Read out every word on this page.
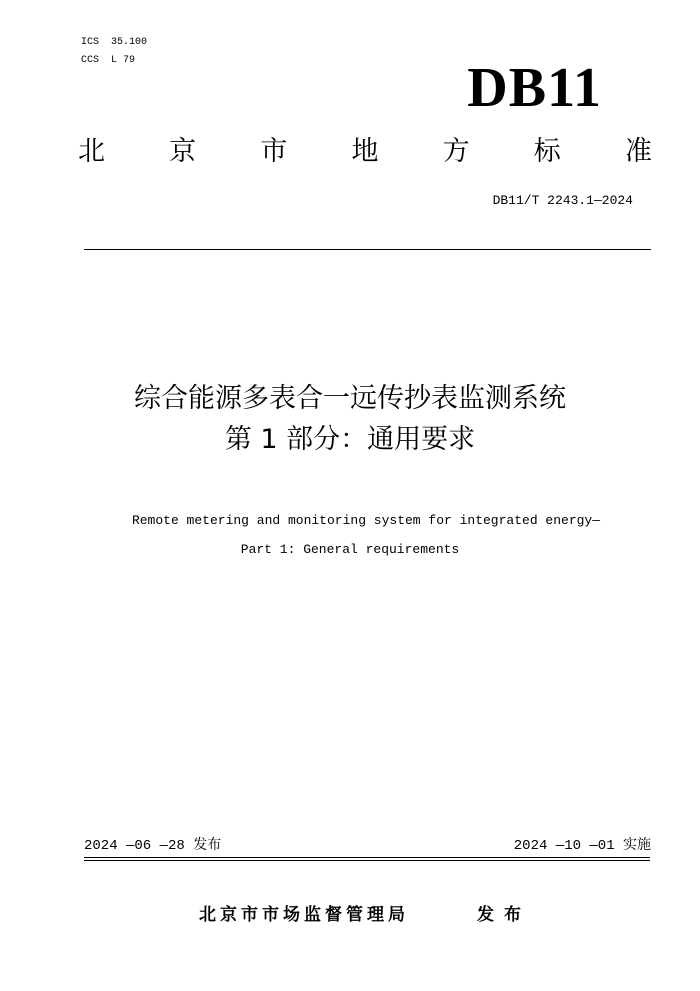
ICS  35.100
CCS  L 79	DB11
北 京 市 地 方 标 准
DB11/T 2243.1—2024
综合能源多表合一远传抄表监测系统
第 1 部分：通用要求
Remote metering and monitoring system for integrated energy—
Part 1: General requirements
2024 —06 —28 发布	2024 —10 —01 实施
北京市市场监督管理局	发布
